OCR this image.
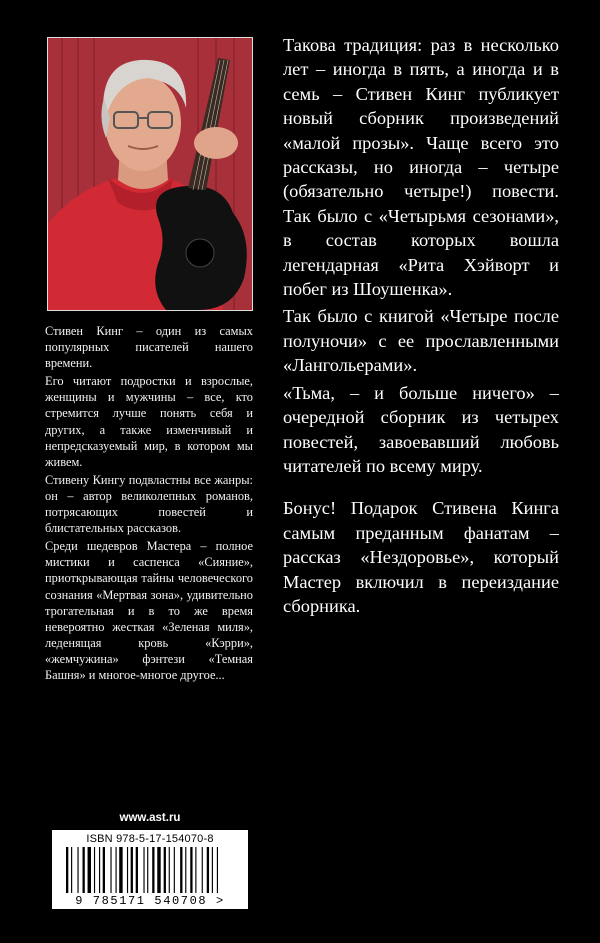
Стивен Кинг – один из самых популярных писателей нашего времени.

Его читают подростки и взрослые, женщины и мужчины – все, кто стремится лучше понять себя и других, а также изменчивый и непредсказуемый мир, в котором мы живем.

Стивену Кингу подвластны все жанры: он – автор великолепных романов, потрясающих повестей и блистательных рассказов.

Среди шедевров Мастера – полное мистики и саспенса «Сияние», приоткрывающая тайны человеческого сознания «Мертвая зона», удивительно трогательная и в то же время невероятно жесткая «Зеленая миля», леденящая кровь «Кэрри», «жемчужина» фэнтези «Темная Башня» и многое-многое другое...

Такова традиция: раз в несколько лет – иногда в пять, а иногда и в семь – Стивен Кинг публикует новый сборник произведений «малой прозы». Чаще всего это рассказы, но иногда – четыре (обязательно четыре!) повести. Так было с «Четырьмя сезонами», в состав которых вошла легендарная «Рита Хэйворт и побег из Шоушенка».

Так было с книгой «Четыре после полуночи» с ее прославленными «Лангольерами».

«Тьма, – и больше ничего» – очередной сборник из четырех повестей, завоевавший любовь читателей по всему миру.

Бонус! Подарок Стивена Кинга самым преданным фанатам – рассказ «Нездоровье», который Мастер включил в переиздание сборника.

www.ast.ru
ISBN 978-5-17-154070-8
9 785171 540708 >
